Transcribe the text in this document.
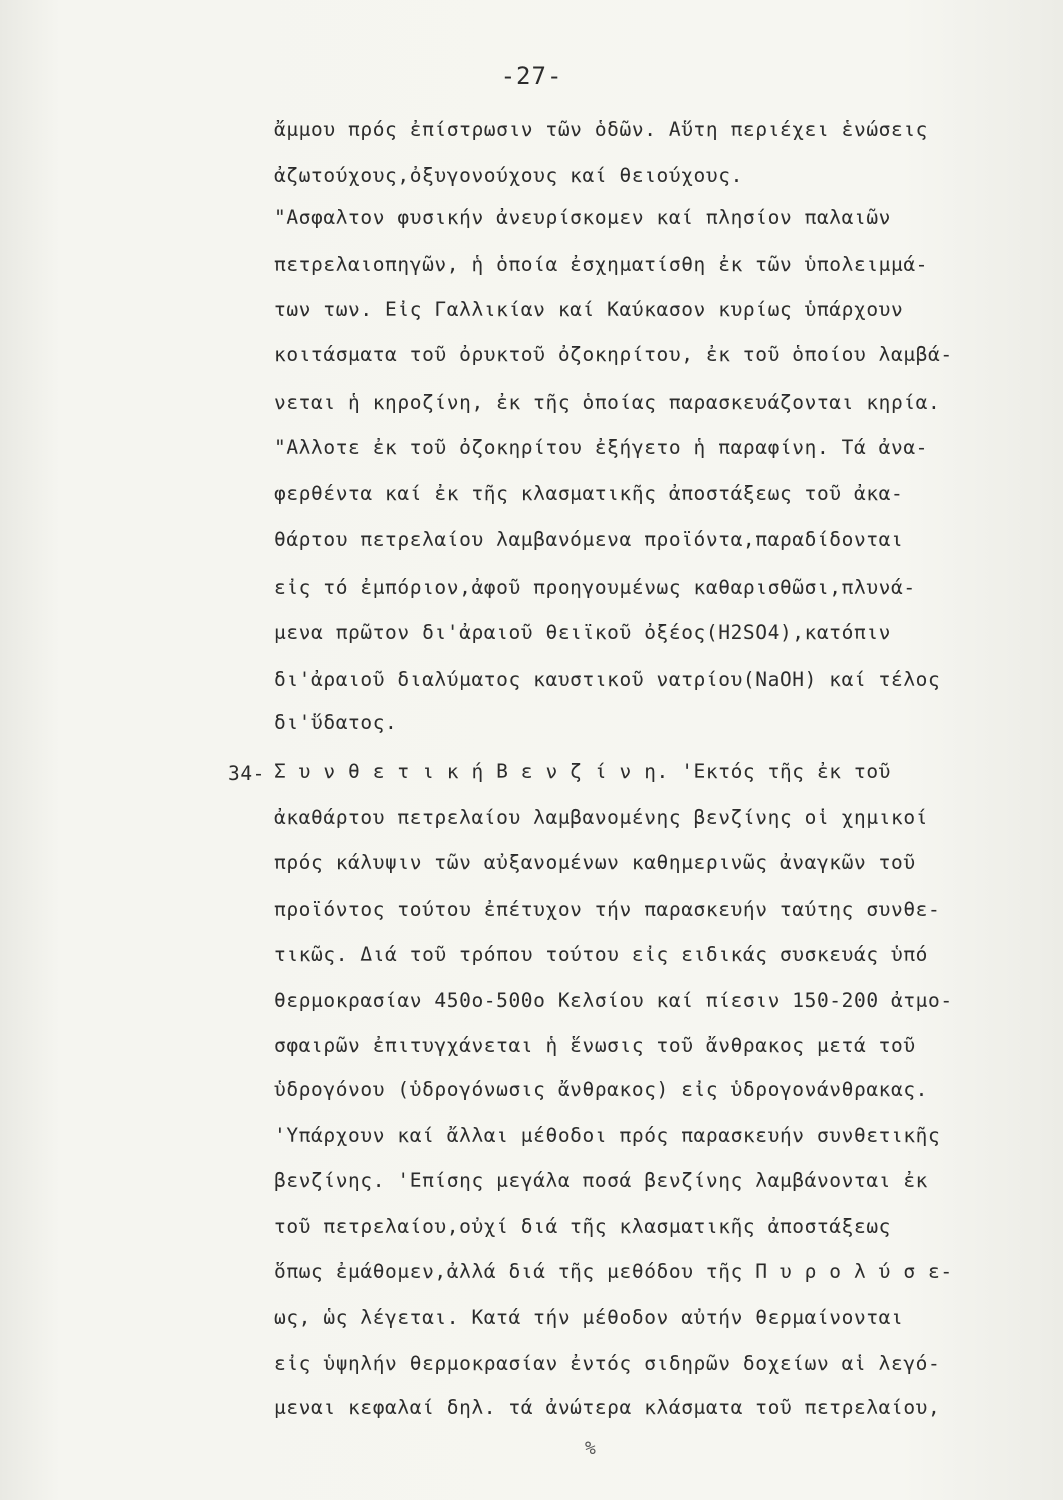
-27-
ἄμμου πρός ἐπίστρωσιν τῶν ὁδῶν. Αὕτη περιέχει ἑνώσεις
ἀζωτούχους,ὀξυγονούχους καί θειούχους.
"Ασφαλτον φυσικήν ἀνευρίσκομεν καί πλησίον παλαιῶν
πετρελαιοπηγῶν, ἡ ὁποία ἐσχηματίσθη ἐκ τῶν ὑπολειμμά-
των των. Εἰς Γαλλικίαν καί Καύκασον κυρίως ὑπάρχουν
κοιτάσματα τοῦ ὀρυκτοῦ ὀζοκηρίτου, ἐκ τοῦ ὁποίου λαμβά-
νεται ἡ κηροζίνη, ἐκ τῆς ὁποίας παρασκευάζονται κηρία.
"Αλλοτε ἐκ τοῦ ὀζοκηρίτου ἐξήγετο ἡ παραφίνη. Τά ἀνα-
φερθέντα καί ἐκ τῆς κλασματικῆς ἀποστάξεως τοῦ ἀκα-
θάρτου πετρελαίου λαμβανόμενα προϊόντα,παραδίδονται
εἰς τό ἐμπόριον,ἀφοῦ προηγουμένως καθαρισθῶσι,πλυνά-
μενα πρῶτον δι'ἀραιοῦ θειϊκοῦ ὀξέος(H2SO4),κατόπιν
δι'ἀραιοῦ διαλύματος καυστικοῦ νατρίου(NaOH) καί τέλος
δι'ὕδατος.
34- Σ υ ν θ ε τ ι κ ή Β ε ν ζ ί ν η. 'Εκτός τῆς ἐκ τοῦ
ἀκαθάρτου πετρελαίου λαμβανομένης βενζίνης οἱ χημικοί
πρός κάλυψιν τῶν αὐξανομένων καθημερινῶς ἀναγκῶν τοῦ
προϊόντος τούτου ἐπέτυχον τήν παρασκευήν ταύτης συνθε-
τικῶς. Διά τοῦ τρόπου τούτου εἰς ειδικάς συσκευάς ὑπό
θερμοκρασίαν 450ο-500ο Κελσίου καί πίεσιν 150-200 ἀτμο-
σφαιρῶν ἐπιτυγχάνεται ἡ ἕνωσις τοῦ ἄνθρακος μετά τοῦ
ὑδρογόνου (ὑδρογόνωσις ἄνθρακος) εἰς ὑδρογονάνθρακας.
'Υπάρχουν καί ἄλλαι μέθοδοι πρός παρασκευήν συνθετικῆς
βενζίνης. 'Επίσης μεγάλα ποσά βενζίνης λαμβάνονται ἐκ
τοῦ πετρελαίου,οὐχί διά τῆς κλασματικῆς ἀποστάξεως
ὅπως ἐμάθομεν,ἀλλά διά τῆς μεθόδου τῆς Π υ ρ ο λ ύ σ ε-
ως, ὡς λέγεται. Κατά τήν μέθοδον αὐτήν θερμαίνονται
εἰς ὑψηλήν θερμοκρασίαν ἐντός σιδηρῶν δοχείων αἱ λεγό-
μεναι κεφαλαί δηλ. τά ἀνώτερα κλάσματα τοῦ πετρελαίου,
%
